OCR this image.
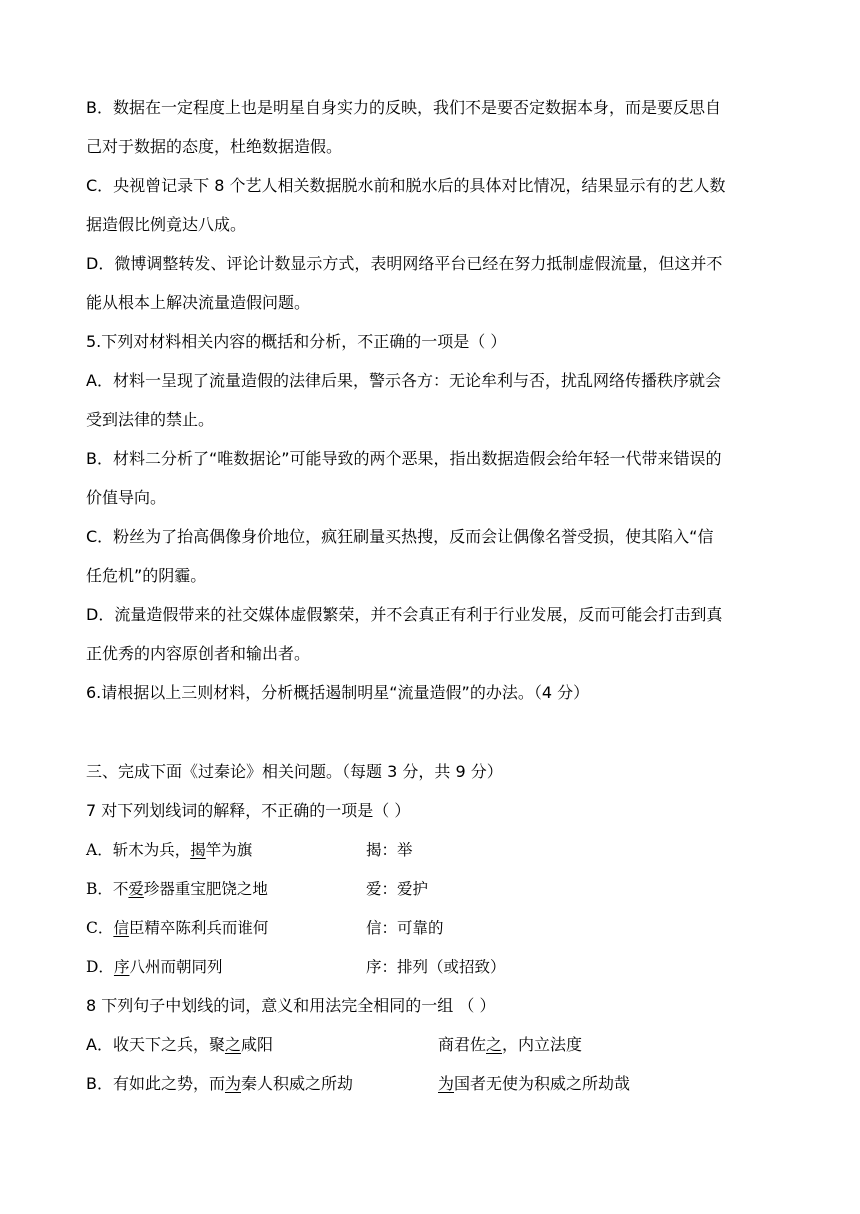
B．数据在一定程度上也是明星自身实力的反映，我们不是要否定数据本身，而是要反思自
己对于数据的态度，杜绝数据造假。
C．央视曾记录下 8 个艺人相关数据脱水前和脱水后的具体对比情况，结果显示有的艺人数
据造假比例竟达八成。
D．微博调整转发、评论计数显示方式，表明网络平台已经在努力抵制虚假流量，但这并不
能从根本上解决流量造假问题。
5.下列对材料相关内容的概括和分析，不正确的一项是（ ）
A．材料一呈现了流量造假的法律后果，警示各方：无论牟利与否，扰乱网络传播秩序就会
受到法律的禁止。
B．材料二分析了“唯数据论”可能导致的两个恶果，指出数据造假会给年轻一代带来错误的
价值导向。
C．粉丝为了抬高偶像身价地位，疯狂刷量买热搜，反而会让偶像名誉受损，使其陷入“信
任危机”的阴霾。
D．流量造假带来的社交媒体虚假繁荣，并不会真正有利于行业发展，反而可能会打击到真
正优秀的内容原创者和输出者。
6.请根据以上三则材料，分析概括遏制明星“流量造假”的办法。（4 分）
三、完成下面《过秦论》相关问题。（每题 3 分，共 9 分）
7 对下列划线词的解释，不正确的一项是（ ）
A．斩木为兵，揭竿为旗	揭：举
B．不爱珍器重宝肥饶之地	爱：爱护
C．信臣精卒陈利兵而谁何	信：可靠的
D．序八州而朝同列	序：排列（或招致）
8 下列句子中划线的词，意义和用法完全相同的一组 （ ）
A．收天下之兵，聚之咸阳	商君佐之，内立法度
B．有如此之势，而为秦人积威之所劫	为国者无使为积威之所劫哉
